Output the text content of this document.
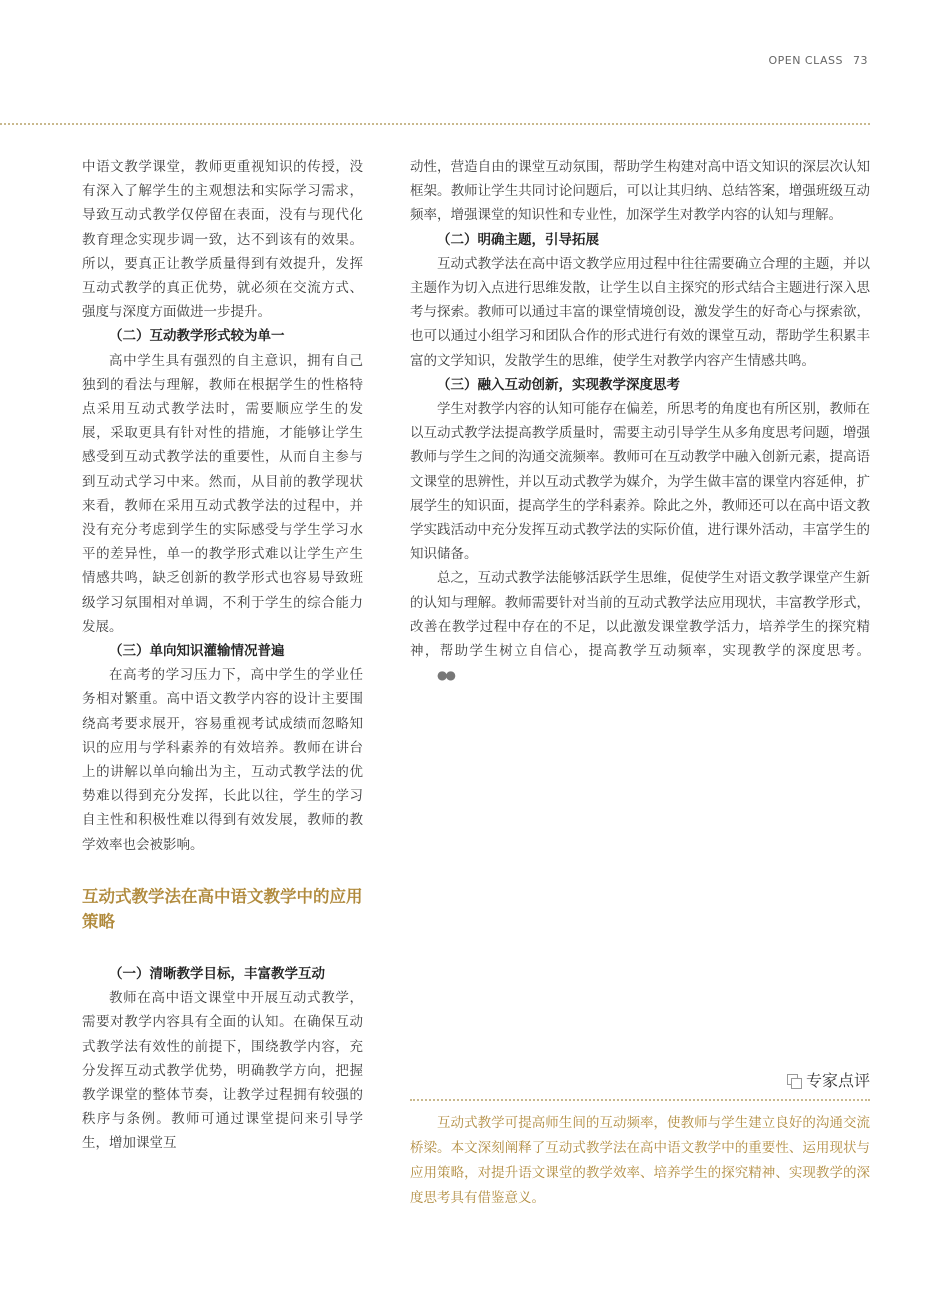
OPEN CLASS 73

中语文教学课堂，教师更重视知识的传授，没有深入了解学生的主观想法和实际学习需求，导致互动式教学仅停留在表面，没有与现代化教育理念实现步调一致，达不到该有的效果。所以，要真正让教学质量得到有效提升，发挥互动式教学的真正优势，就必须在交流方式、强度与深度方面做进一步提升。

（二）互动教学形式较为单一

高中学生具有强烈的自主意识，拥有自己独到的看法与理解，教师在根据学生的性格特点采用互动式教学法时，需要顺应学生的发展，采取更具有针对性的措施，才能够让学生感受到互动式教学法的重要性，从而自主参与到互动式学习中来。然而，从目前的教学现状来看，教师在采用互动式教学法的过程中，并没有充分考虑到学生的实际感受与学生学习水平的差异性，单一的教学形式难以让学生产生情感共鸣，缺乏创新的教学形式也容易导致班级学习氛围相对单调，不利于学生的综合能力发展。

（三）单向知识灌输情况普遍

在高考的学习压力下，高中学生的学业任务相对繁重。高中语文教学内容的设计主要围绕高考要求展开，容易重视考试成绩而忽略知识的应用与学科素养的有效培养。教师在讲台上的讲解以单向输出为主，互动式教学法的优势难以得到充分发挥，长此以往，学生的学习自主性和积极性难以得到有效发展，教师的教学效率也会被影响。

互动式教学法在高中语文教学中的应用策略
（一）清晰教学目标，丰富教学互动

教师在高中语文课堂中开展互动式教学，需要对教学内容具有全面的认知。在确保互动式教学法有效性的前提下，围绕教学内容，充分发挥互动式教学优势，明确教学方向，把握教学课堂的整体节奏，让教学过程拥有较强的秩序与条例。教师可通过课堂提问来引导学生，增加课堂互

动性，营造自由的课堂互动氛围，帮助学生构建对高中语文知识的深层次认知框架。教师让学生共同讨论问题后，可以让其归纳、总结答案，增强班级互动频率，增强课堂的知识性和专业性，加深学生对教学内容的认知与理解。

（二）明确主题，引导拓展

互动式教学法在高中语文教学应用过程中往往需要确立合理的主题，并以主题作为切入点进行思维发散，让学生以自主探究的形式结合主题进行深入思考与探索。教师可以通过丰富的课堂情境创设，激发学生的好奇心与探索欲，也可以通过小组学习和团队合作的形式进行有效的课堂互动，帮助学生积累丰富的文学知识，发散学生的思维，使学生对教学内容产生情感共鸣。

（三）融入互动创新，实现教学深度思考

学生对教学内容的认知可能存在偏差，所思考的角度也有所区别，教师在以互动式教学法提高教学质量时，需要主动引导学生从多角度思考问题，增强教师与学生之间的沟通交流频率。教师可在互动教学中融入创新元素，提高语文课堂的思辨性，并以互动式教学为媒介，为学生做丰富的课堂内容延伸，扩展学生的知识面，提高学生的学科素养。除此之外，教师还可以在高中语文教学实践活动中充分发挥互动式教学法的实际价值，进行课外活动，丰富学生的知识储备。

总之，互动式教学法能够活跃学生思维，促使学生对语文教学课堂产生新的认知与理解。教师需要针对当前的互动式教学法应用现状，丰富教学形式，改善在教学过程中存在的不足，以此激发课堂教学活力，培养学生的探究精神，帮助学生树立自信心，提高教学互动频率，实现教学的深度思考。 ●●

专家点评

互动式教学可提高师生间的互动频率，使教师与学生建立良好的沟通交流桥梁。本文深刻阐释了互动式教学法在高中语文教学中的重要性、运用现状与应用策略，对提升语文课堂的教学效率、培养学生的探究精神、实现教学的深度思考具有借鉴意义。
